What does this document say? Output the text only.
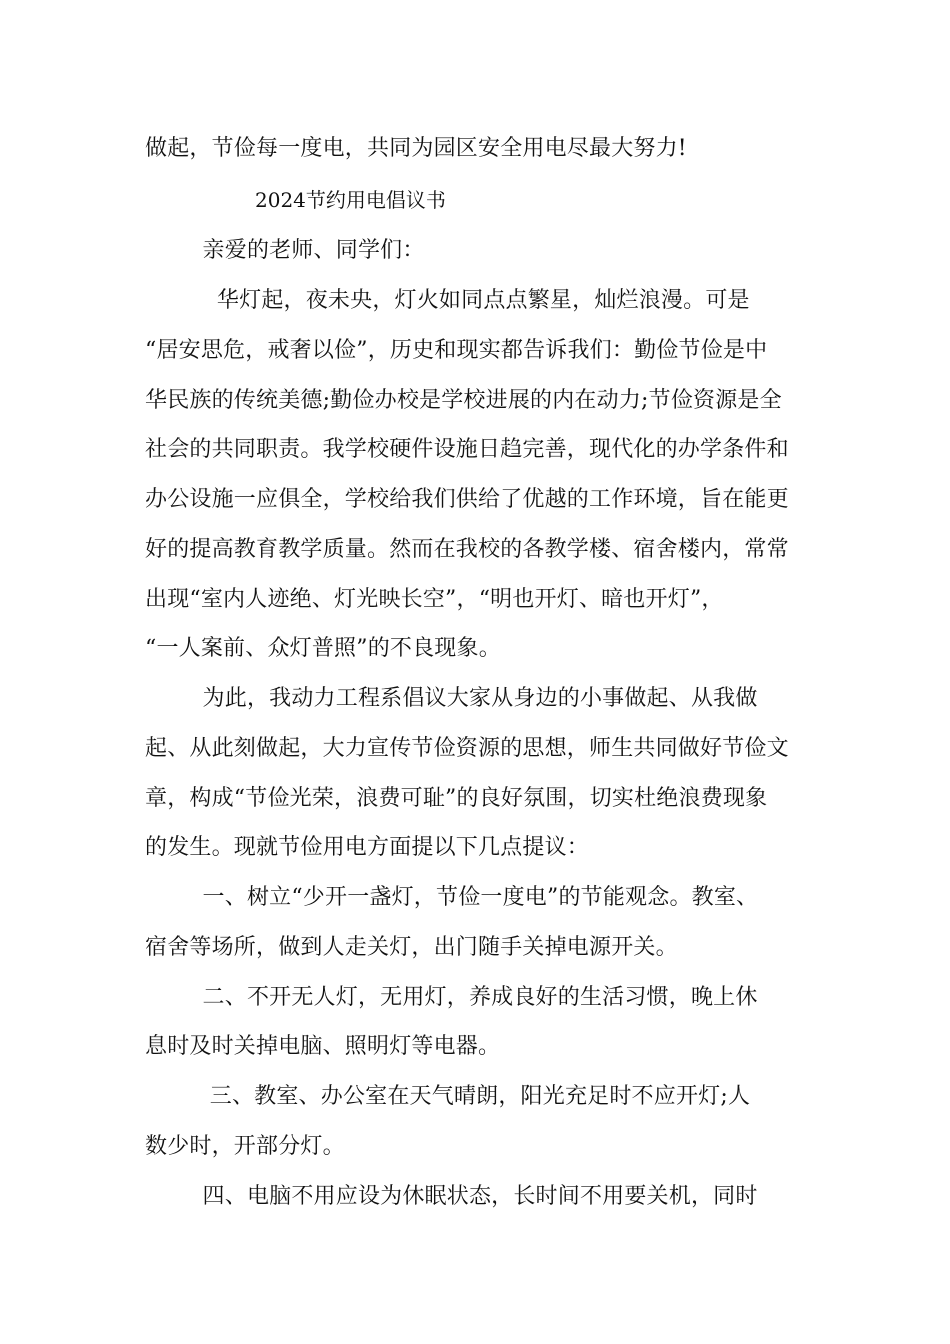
做起，节俭每一度电，共同为园区安全用电尽最大努力!
2024节约用电倡议书
亲爱的老师、同学们：
华灯起，夜未央，灯火如同点点繁星，灿烂浪漫。可是
“居安思危，戒奢以俭”，历史和现实都告诉我们：勤俭节俭是中
华民族的传统美德;勤俭办校是学校进展的内在动力;节俭资源是全
社会的共同职责。我学校硬件设施日趋完善，现代化的办学条件和
办公设施一应俱全，学校给我们供给了优越的工作环境，旨在能更
好的提高教育教学质量。然而在我校的各教学楼、宿舍楼内，常常
出现“室内人迹绝、灯光映长空”，“明也开灯、暗也开灯”，
“一人案前、众灯普照”的不良现象。
为此，我动力工程系倡议大家从身边的小事做起、从我做
起、从此刻做起，大力宣传节俭资源的思想，师生共同做好节俭文
章，构成“节俭光荣，浪费可耻”的良好氛围，切实杜绝浪费现象
的发生。现就节俭用电方面提以下几点提议：
一、树立“少开一盏灯，节俭一度电”的节能观念。教室、
宿舍等场所，做到人走关灯，出门随手关掉电源开关。
二、不开无人灯，无用灯，养成良好的生活习惯，晚上休
息时及时关掉电脑、照明灯等电器。
三、教室、办公室在天气晴朗，阳光充足时不应开灯;人
数少时，开部分灯。
四、电脑不用应设为休眠状态，长时间不用要关机，同时
